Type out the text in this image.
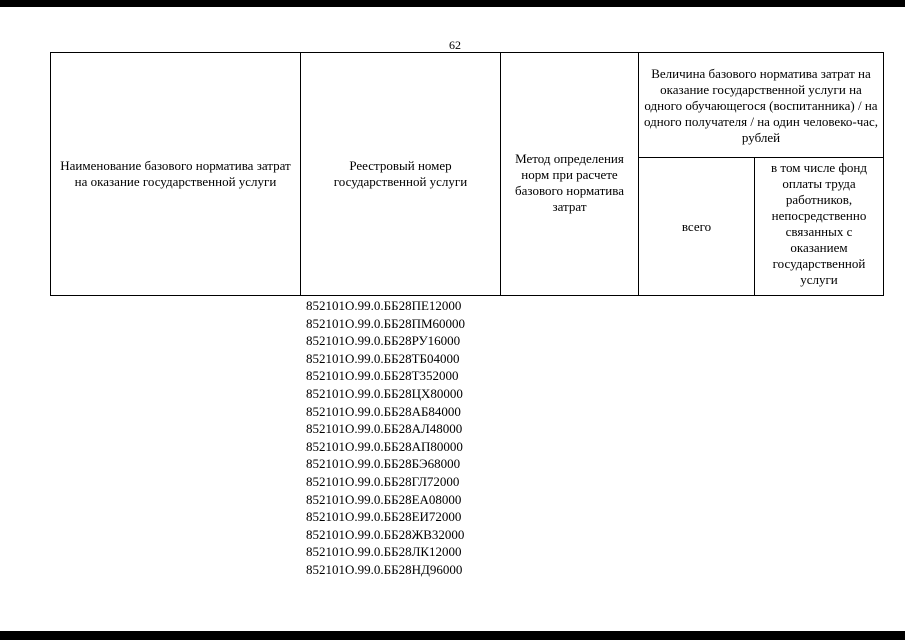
62
Наименование базового норматива затрат на оказание государственной услуги
Реестровый номер государственной услуги
Метод определения норм при расчете базового норматива затрат
Величина базового норматива затрат на оказание государственной услуги на одного обучающегося (воспитанника) / на одного получателя / на один человеко-час, рублей
всего
в том числе фонд оплаты труда работников, непосредственно связанных с оказанием государственной услуги
852101О.99.0.ББ28ПЕ12000
852101О.99.0.ББ28ПМ60000
852101О.99.0.ББ28РУ16000
852101О.99.0.ББ28ТБ04000
852101О.99.0.ББ28Т352000
852101О.99.0.ББ28ЦХ80000
852101О.99.0.ББ28АБ84000
852101О.99.0.ББ28АЛ48000
852101О.99.0.ББ28АП80000
852101О.99.0.ББ28БЭ68000
852101О.99.0.ББ28ГЛ72000
852101О.99.0.ББ28ЕА08000
852101О.99.0.ББ28ЕИ72000
852101О.99.0.ББ28ЖВ32000
852101О.99.0.ББ28ЛК12000
852101О.99.0.ББ28НД96000
